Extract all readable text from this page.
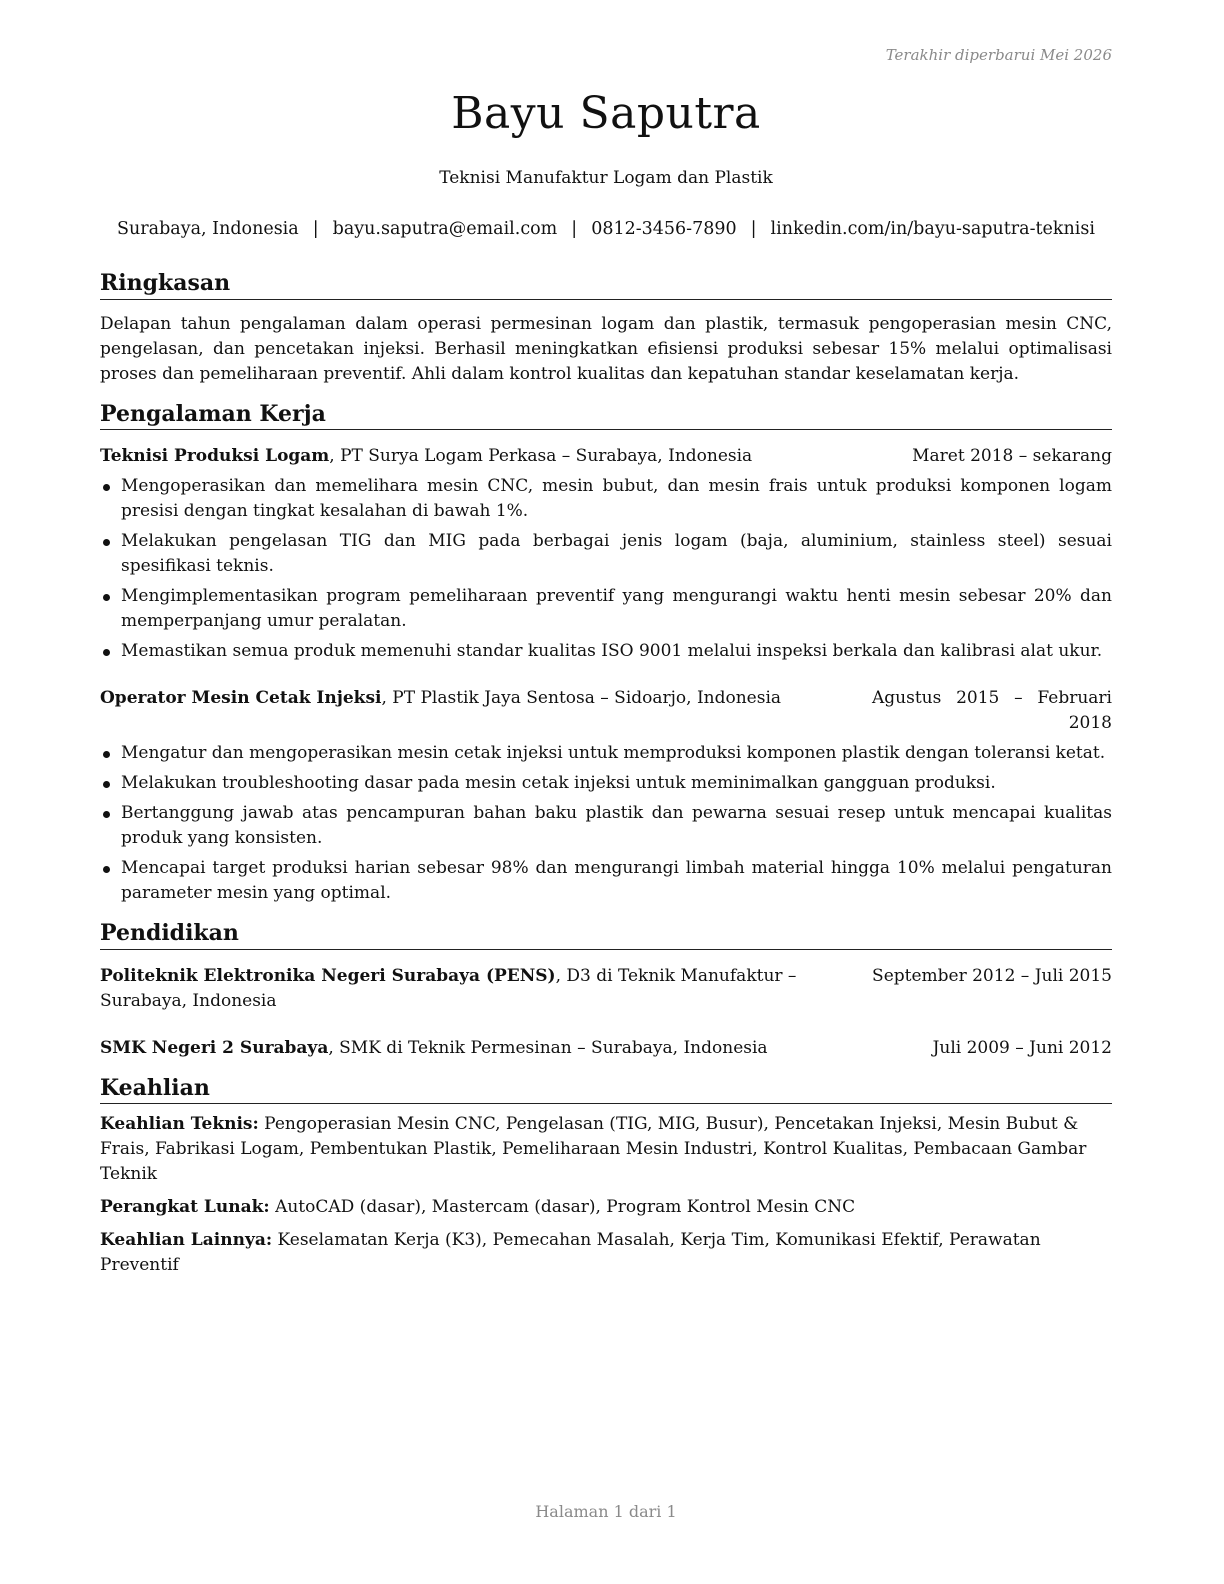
Terakhir diperbarui Mei 2026

Bayu Saputra

Teknisi Manufaktur Logam dan Plastik

Surabaya, Indonesia | bayu.saputra@email.com | 0812-3456-7890 | linkedin.com/in/bayu-saputra-teknisi

Ringkasan

Delapan tahun pengalaman dalam operasi permesinan logam dan plastik, termasuk pengoperasian mesin CNC, pengelasan, dan pencetakan injeksi. Berhasil meningkatkan efisiensi produksi sebesar 15% melalui optimalisasi proses dan pemeliharaan preventif. Ahli dalam kontrol kualitas dan kepatuhan standar keselamatan kerja.

Pengalaman Kerja
Teknisi Produksi Logam, PT Surya Logam Perkasa – Surabaya, Indonesia	Maret 2018 – sekarang
Mengoperasikan dan memelihara mesin CNC, mesin bubut, dan mesin frais untuk produksi komponen logam presisi dengan tingkat kesalahan di bawah 1%.
Melakukan pengelasan TIG dan MIG pada berbagai jenis logam (baja, aluminium, stainless steel) sesuai spesifikasi teknis.
Mengimplementasikan program pemeliharaan preventif yang mengurangi waktu henti mesin sebesar 20% dan memperpanjang umur peralatan.
Memastikan semua produk memenuhi standar kualitas ISO 9001 melalui inspeksi berkala dan kalibrasi alat ukur.
Operator Mesin Cetak Injeksi, PT Plastik Jaya Sentosa – Sidoarjo, Indonesia	Agustus 2015 – Februari 2018
Mengatur dan mengoperasikan mesin cetak injeksi untuk memproduksi komponen plastik dengan toleransi ketat.
Melakukan troubleshooting dasar pada mesin cetak injeksi untuk meminimalkan gangguan produksi.
Bertanggung jawab atas pencampuran bahan baku plastik dan pewarna sesuai resep untuk mencapai kualitas produk yang konsisten.
Mencapai target produksi harian sebesar 98% dan mengurangi limbah material hingga 10% melalui pengaturan parameter mesin yang optimal.
Pendidikan
Politeknik Elektronika Negeri Surabaya (PENS), D3 di Teknik Manufaktur – Surabaya, Indonesia
September 2012 – Juli 2015
SMK Negeri 2 Surabaya, SMK di Teknik Permesinan – Surabaya, Indonesia	Juli 2009 – Juni 2012
Keahlian

Keahlian Teknis: Pengoperasian Mesin CNC, Pengelasan (TIG, MIG, Busur), Pencetakan Injeksi, Mesin Bubut & Frais, Fabrikasi Logam, Pembentukan Plastik, Pemeliharaan Mesin Industri, Kontrol Kualitas, Pembacaan Gambar Teknik

Perangkat Lunak: AutoCAD (dasar), Mastercam (dasar), Program Kontrol Mesin CNC

Keahlian Lainnya: Keselamatan Kerja (K3), Pemecahan Masalah, Kerja Tim, Komunikasi Efektif, Perawatan Preventif

Halaman 1 dari 1
